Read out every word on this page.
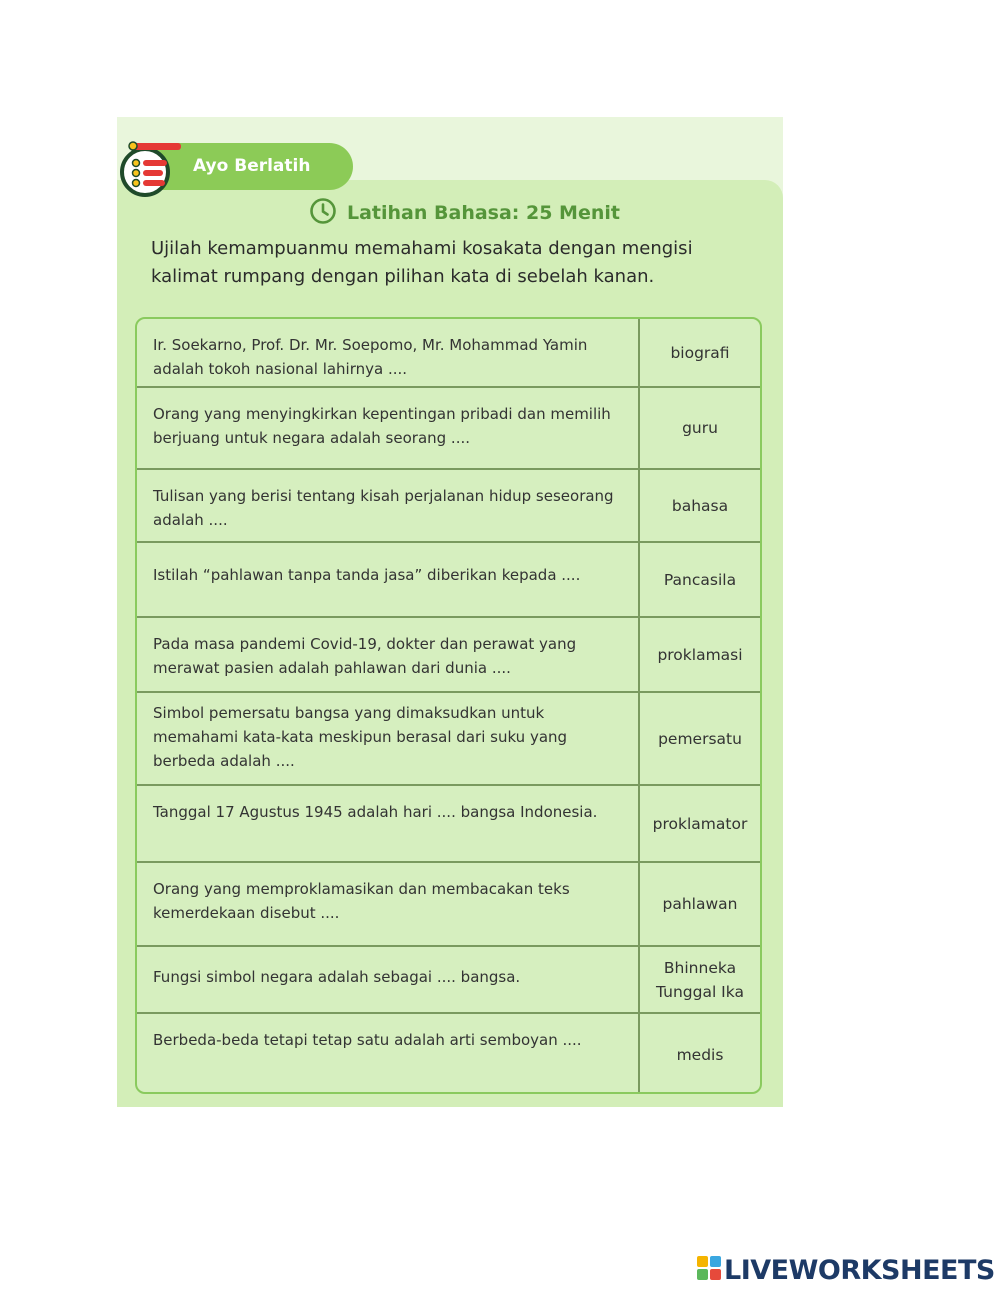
Ayo Berlatih
Latihan Bahasa: 25 Menit
Ujilah kemampuanmu memahami kosakata dengan mengisi kalimat rumpang dengan pilihan kata di sebelah kanan.
Ir. Soekarno, Prof. Dr. Mr. Soepomo, Mr. Mohammad Yamin adalah tokoh nasional lahirnya ....
biografi
Orang yang menyingkirkan kepentingan pribadi dan memilih berjuang untuk negara adalah seorang ....
guru
Tulisan yang berisi tentang kisah perjalanan hidup seseorang adalah ....
bahasa
Istilah “pahlawan tanpa tanda jasa” diberikan kepada ....	Pancasila
Pada masa pandemi Covid-19, dokter dan perawat yang merawat pasien adalah pahlawan dari dunia ....
proklamasi
Simbol pemersatu bangsa yang dimaksudkan untuk memahami kata-kata meskipun berasal dari suku yang berbeda adalah ....
pemersatu
Tanggal 17 Agustus 1945 adalah hari .... bangsa Indonesia.
proklamator
Orang yang memproklamasikan dan membacakan teks kemerdekaan disebut ....	pahlawan
Fungsi simbol negara adalah sebagai .... bangsa.
Bhinneka Tunggal Ika
Berbeda-beda tetapi tetap satu adalah arti semboyan ....
medis
LIVEWORKSHEETS
